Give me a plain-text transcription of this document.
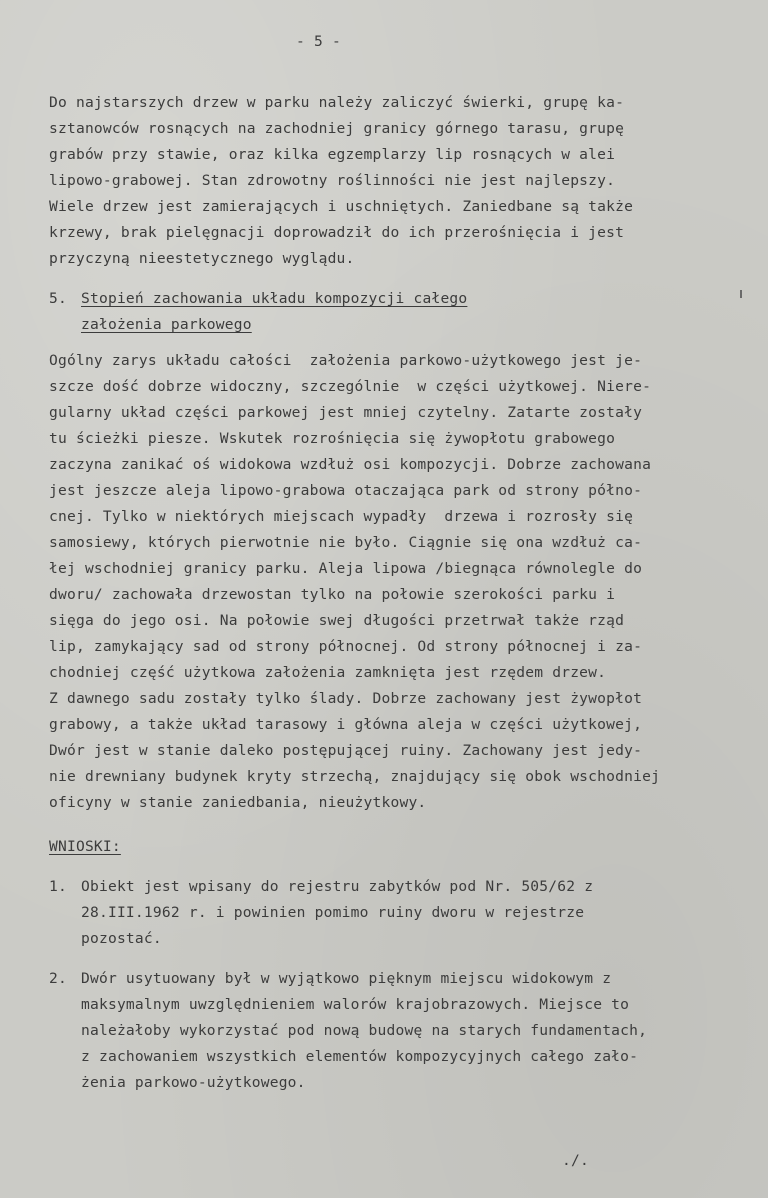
- 5 -
Do najstarszych drzew w parku należy zaliczyć świerki, grupę ka-
sztanowców rosnących na zachodniej granicy górnego tarasu, grupę
grabów przy stawie, oraz kilka egzemplarzy lip rosnących w alei
lipowo-grabowej. Stan zdrowotny roślinności nie jest najlepszy.
Wiele drzew jest zamierających i uschniętych. Zaniedbane są także
krzewy, brak pielęgnacji doprowadził do ich przerośnięcia i jest
przyczyną nieestetycznego wyglądu.
5. Stopień zachowania układu kompozycji całego
założenia parkowego
Ogólny zarys układu całości  założenia parkowo-użytkowego jest je-
szcze dość dobrze widoczny, szczególnie  w części użytkowej. Niere-
gularny układ części parkowej jest mniej czytelny. Zatarte zostały
tu ścieżki piesze. Wskutek rozrośnięcia się żywopłotu grabowego
zaczyna zanikać oś widokowa wzdłuż osi kompozycji. Dobrze zachowana
jest jeszcze aleja lipowo-grabowa otaczająca park od strony półno-
cnej. Tylko w niektórych miejscach wypadły  drzewa i rozrosły się
samosiewy, których pierwotnie nie było. Ciągnie się ona wzdłuż ca-
łej wschodniej granicy parku. Aleja lipowa /biegnąca równolegle do
dworu/ zachowała drzewostan tylko na połowie szerokości parku i
sięga do jego osi. Na połowie swej długości przetrwał także rząd
lip, zamykający sad od strony północnej. Od strony północnej i za-
chodniej część użytkowa założenia zamknięta jest rzędem drzew.
Z dawnego sadu zostały tylko ślady. Dobrze zachowany jest żywopłot
grabowy, a także układ tarasowy i główna aleja w części użytkowej,
Dwór jest w stanie daleko postępującej ruiny. Zachowany jest jedy-
nie drewniany budynek kryty strzechą, znajdujący się obok wschodniej
oficyny w stanie zaniedbania, nieużytkowy.
WNIOSKI:
1. Obiekt jest wpisany do rejestru zabytków pod Nr. 505/62 z
28.III.1962 r. i powinien pomimo ruiny dworu w rejestrze
pozostać.
2. Dwór usytuowany był w wyjątkowo pięknym miejscu widokowym z
maksymalnym uwzględnieniem walorów krajobrazowych. Miejsce to
należałoby wykorzystać pod nową budowę na starych fundamentach,
z zachowaniem wszystkich elementów kompozycyjnych całego zało-
żenia parkowo-użytkowego.
./.
